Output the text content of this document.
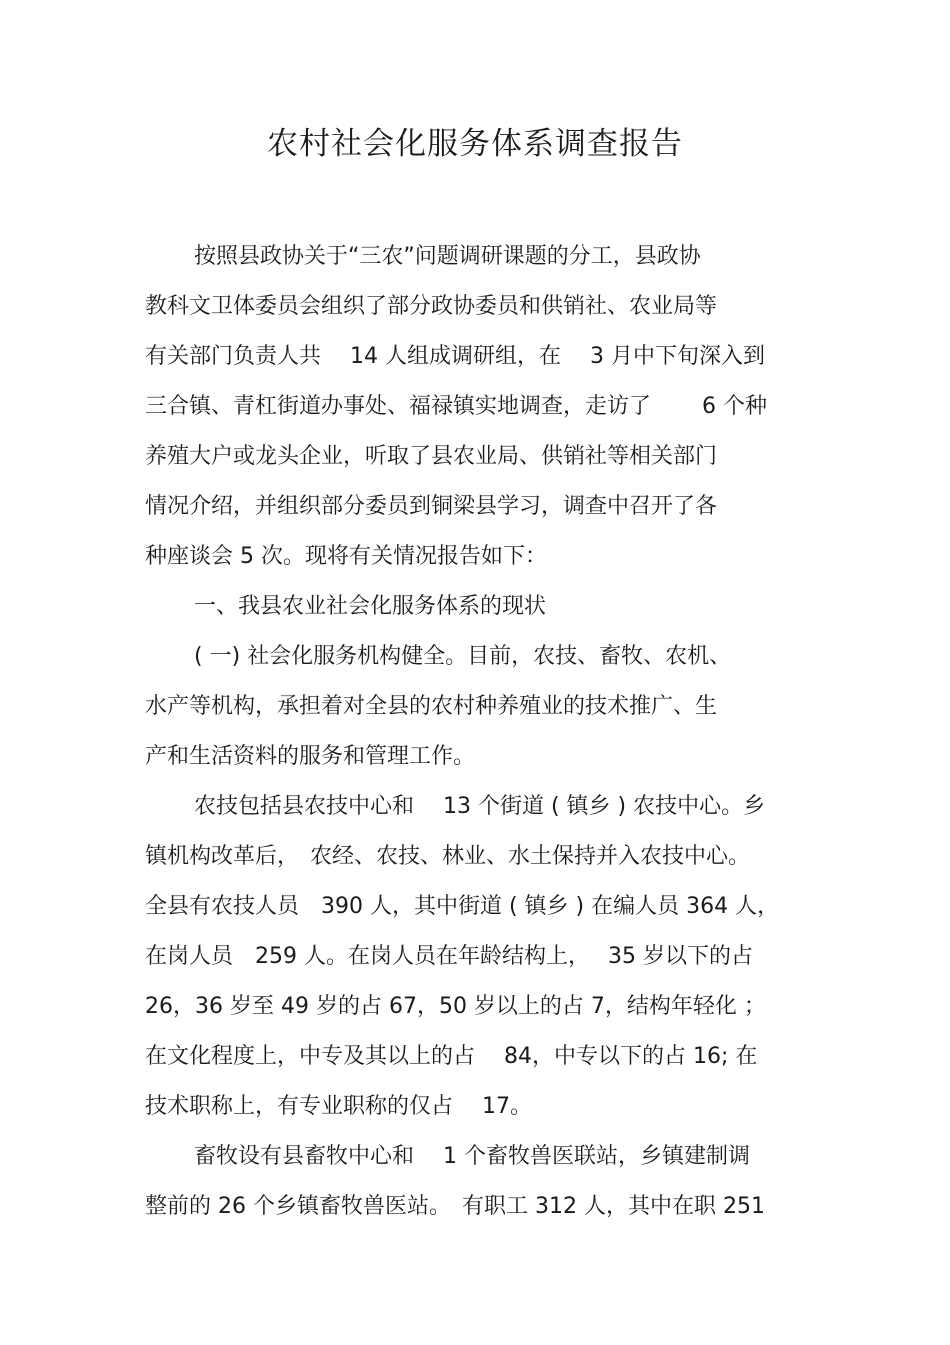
农村社会化服务体系调查报告
按照县政协关于“三农”问题调研课题的分工，县政协
教科文卫体委员会组织了部分政协委员和供销社、农业局等
有关部门负责人共　 14 人组成调研组，在　 3 月中下旬深入到
三合镇、青杠街道办事处、福禄镇实地调查，走访了　　 6 个种
养殖大户或龙头企业，听取了县农业局、供销社等相关部门
情况介绍，并组织部分委员到铜梁县学习，调查中召开了各
种座谈会 5 次。现将有关情况报告如下：
一、我县农业社会化服务体系的现状
( 一) 社会化服务机构健全。目前，农技、畜牧、农机、
水产等机构，承担着对全县的农村种养殖业的技术推广、生
产和生活资料的服务和管理工作。
农技包括县农技中心和　 13 个街道 ( 镇乡 ) 农技中心。乡
镇机构改革后，　农经、农技、林业、水土保持并入农技中心。
全县有农技人员　390 人，其中街道 ( 镇乡 ) 在编人员 364 人，
在岗人员　259 人。在岗人员在年龄结构上，　 35 岁以下的占
26，36 岁至 49 岁的占 67，50 岁以上的占 7，结构年轻化 ；
在文化程度上，中专及其以上的占　 84，中专以下的占 16; 在
技术职称上，有专业职称的仅占　 17。
畜牧设有县畜牧中心和　 1 个畜牧兽医联站，乡镇建制调
整前的 26 个乡镇畜牧兽医站。　有职工 312 人，其中在职 251
